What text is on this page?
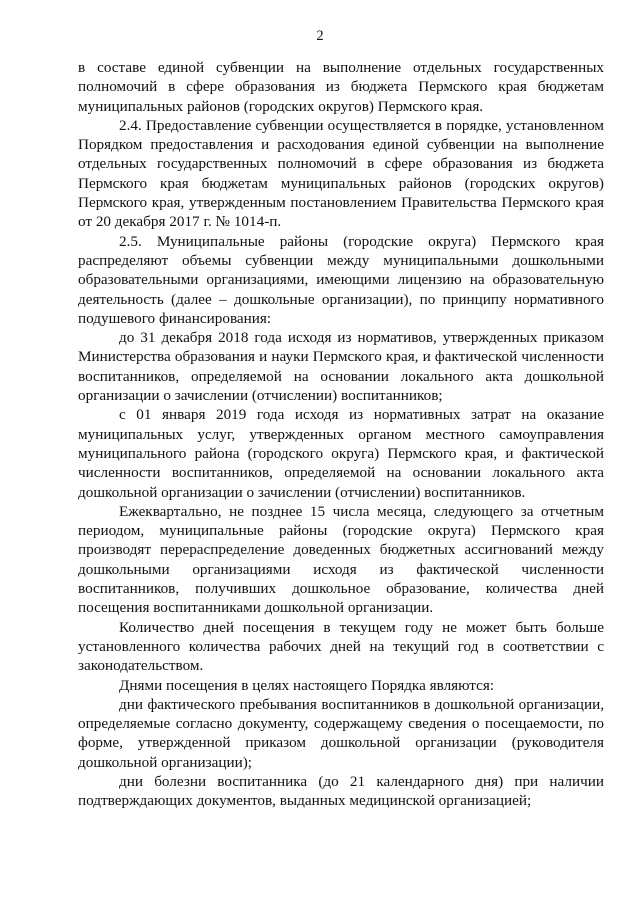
2

в составе единой субвенции на выполнение отдельных государственных полномочий в сфере образования из бюджета Пермского края бюджетам муниципальных районов (городских округов) Пермского края.

2.4. Предоставление субвенции осуществляется в порядке, установленном Порядком предоставления и расходования единой субвенции на выполнение отдельных государственных полномочий в сфере образования из бюджета Пермского края бюджетам муниципальных районов (городских округов) Пермского края, утвержденным постановлением Правительства Пермского края от 20 декабря 2017 г. № 1014-п.

2.5. Муниципальные районы (городские округа) Пермского края распределяют объемы субвенции между муниципальными дошкольными образовательными организациями, имеющими лицензию на образовательную деятельность (далее – дошкольные организации), по принципу нормативного подушевого финансирования:

до 31 декабря 2018 года исходя из нормативов, утвержденных приказом Министерства образования и науки Пермского края, и фактической численности воспитанников, определяемой на основании локального акта дошкольной организации о зачислении (отчислении) воспитанников;

с 01 января 2019 года исходя из нормативных затрат на оказание муниципальных услуг, утвержденных органом местного самоуправления муниципального района (городского округа) Пермского края, и фактической численности воспитанников, определяемой на основании локального акта дошкольной организации о зачислении (отчислении) воспитанников.

Ежеквартально, не позднее 15 числа месяца, следующего за отчетным периодом, муниципальные районы (городские округа) Пермского края производят перераспределение доведенных бюджетных ассигнований между дошкольными организациями исходя из фактической численности воспитанников, получивших дошкольное образование, количества дней посещения воспитанниками дошкольной организации.

Количество дней посещения в текущем году не может быть больше установленного количества рабочих дней на текущий год в соответствии с законодательством.

Днями посещения в целях настоящего Порядка являются:

дни фактического пребывания воспитанников в дошкольной организации, определяемые согласно документу, содержащему сведения о посещаемости, по форме, утвержденной приказом дошкольной организации (руководителя дошкольной организации);

дни болезни воспитанника (до 21 календарного дня) при наличии подтверждающих документов, выданных медицинской организацией;
